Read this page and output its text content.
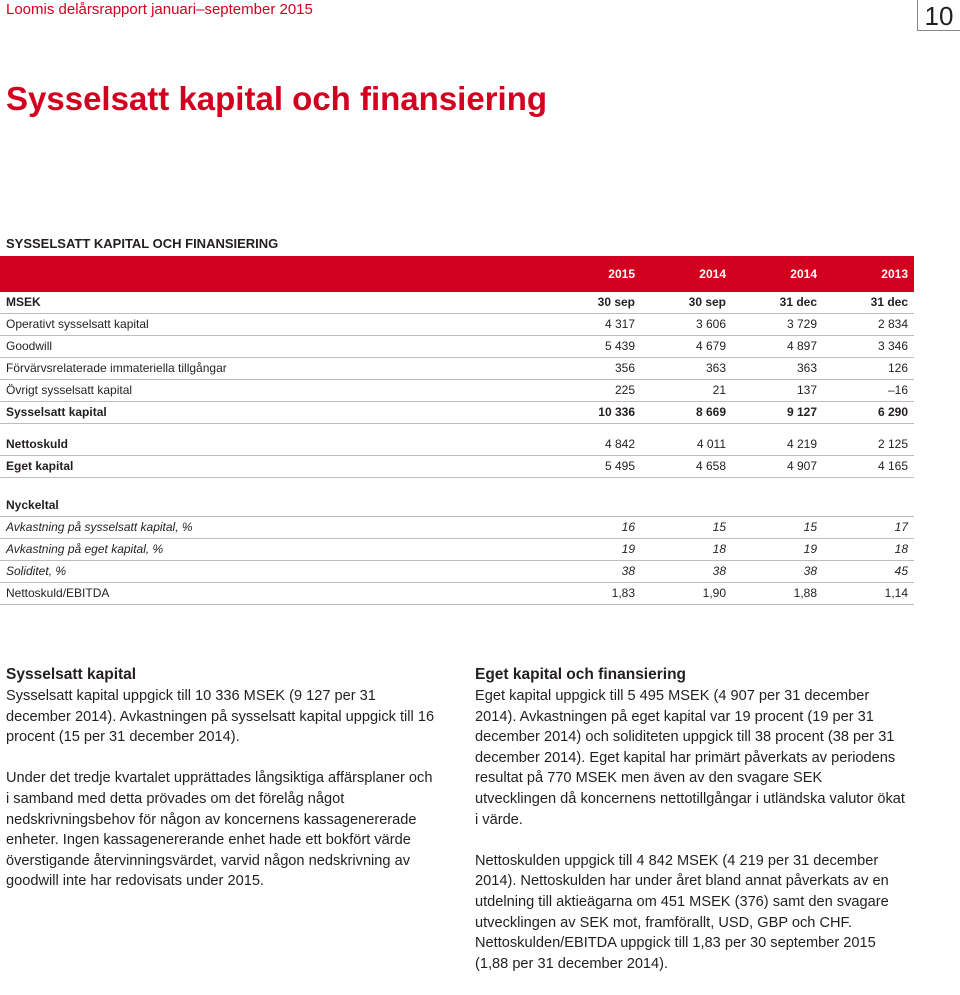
Loomis delårsrapport januari–september 2015	10
Sysselsatt kapital och finansiering
SYSSELSATT KAPITAL OCH FINANSIERING
	2015	2014	2014	2013
MSEK	30 sep	30 sep	31 dec	31 dec
Operativt sysselsatt kapital	4 317	3 606	3 729	2 834
Goodwill	5 439	4 679	4 897	3 346
Förvärvsrelaterade immateriella tillgångar	356	363	363	126
Övrigt sysselsatt kapital	225	21	137	–16
Sysselsatt kapital	10 336	8 669	9 127	6 290

Nettoskuld	4 842	4 011	4 219	2 125
Eget kapital	5 495	4 658	4 907	4 165

Nyckeltal				
Avkastning på sysselsatt kapital, %	16	15	15	17
Avkastning på eget kapital, %	19	18	19	18
Soliditet, %	38	38	38	45
Nettoskuld/EBITDA	1,83	1,90	1,88	1,14
Sysselsatt kapital

Sysselsatt kapital uppgick till 10 336 MSEK (9 127 per 31 december 2014). Avkastningen på sysselsatt kapital uppgick till 16 procent (15 per 31 december 2014).

Under det tredje kvartalet upprättades långsiktiga affärsplaner och i samband med detta prövades om det förelåg något nedskrivningsbehov för någon av koncernens kassagenererade enheter. Ingen kassagenererande enhet hade ett bokfört värde överstigande återvinningsvärdet, varvid någon nedskrivning av goodwill inte har redovisats under 2015.

Eget kapital och finansiering

Eget kapital uppgick till 5 495 MSEK (4 907 per 31 december 2014). Avkastningen på eget kapital var 19 procent (19 per 31 december 2014) och soliditeten uppgick till 38 procent (38 per 31 december 2014). Eget kapital har primärt påverkats av periodens resultat på 770 MSEK men även av den svagare SEK utvecklingen då koncernens nettotillgångar i utländska valutor ökat i värde.

Nettoskulden uppgick till 4 842 MSEK (4 219 per 31 december 2014). Nettoskulden har under året bland annat påverkats av en utdelning till aktieägarna om 451 MSEK (376) samt den svagare utvecklingen av SEK mot, framförallt, USD, GBP och CHF. Nettoskulden/EBITDA uppgick till 1,83 per 30 september 2015 (1,88 per 31 december 2014).
